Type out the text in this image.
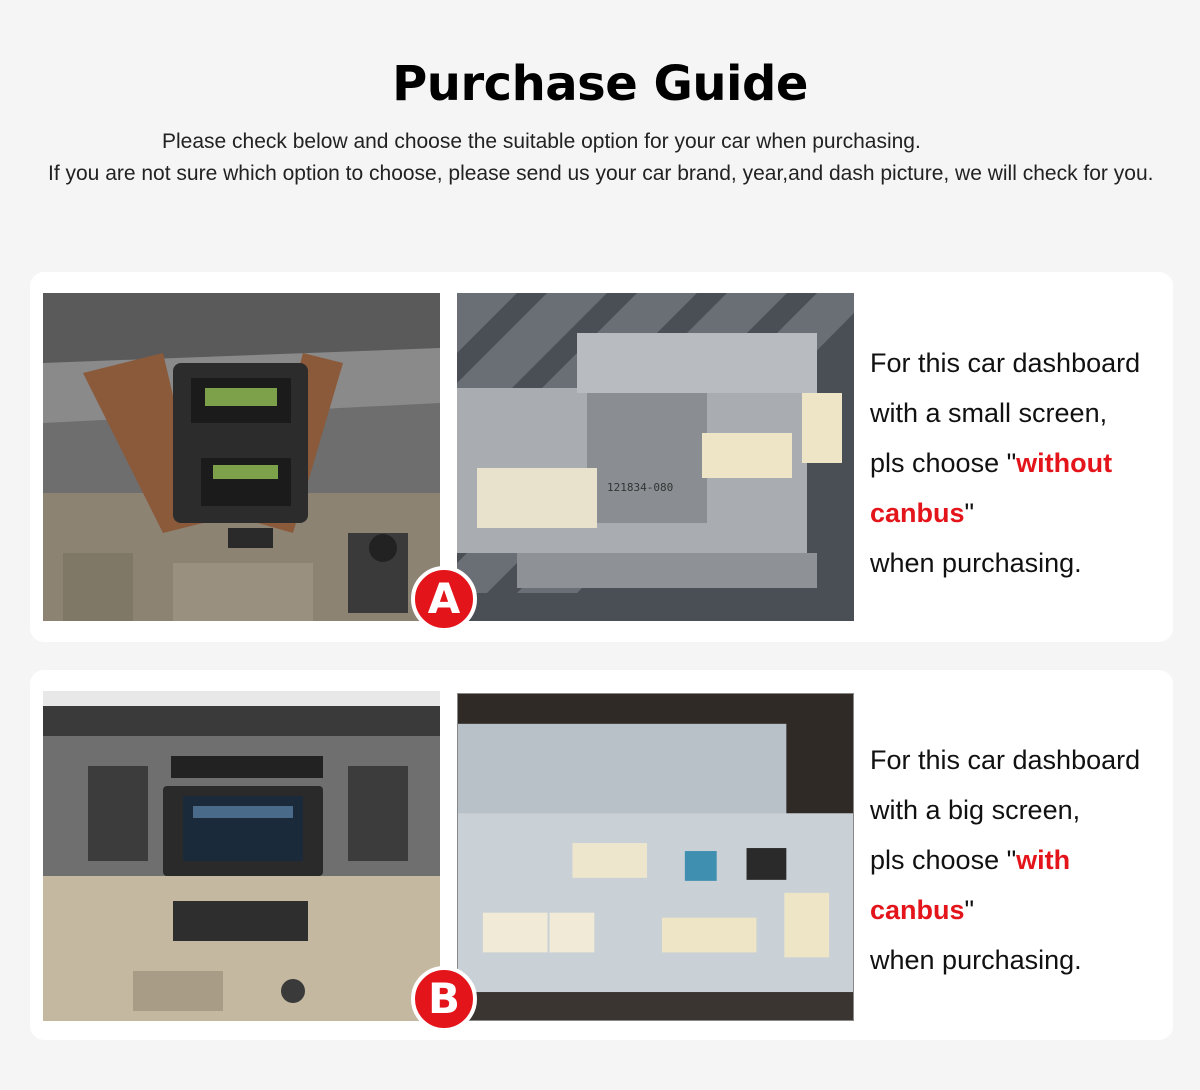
Purchase Guide
Please check below and choose the suitable option for your car when purchasing.
If you are not sure which option to choose, please send us your car brand, year,and dash picture, we will check for you.
121834-080
A
For this car dashboard
with a small screen,
pls choose "without
canbus"
when purchasing.
B
For this car dashboard
with a big screen,
pls choose "with
canbus"
when purchasing.
